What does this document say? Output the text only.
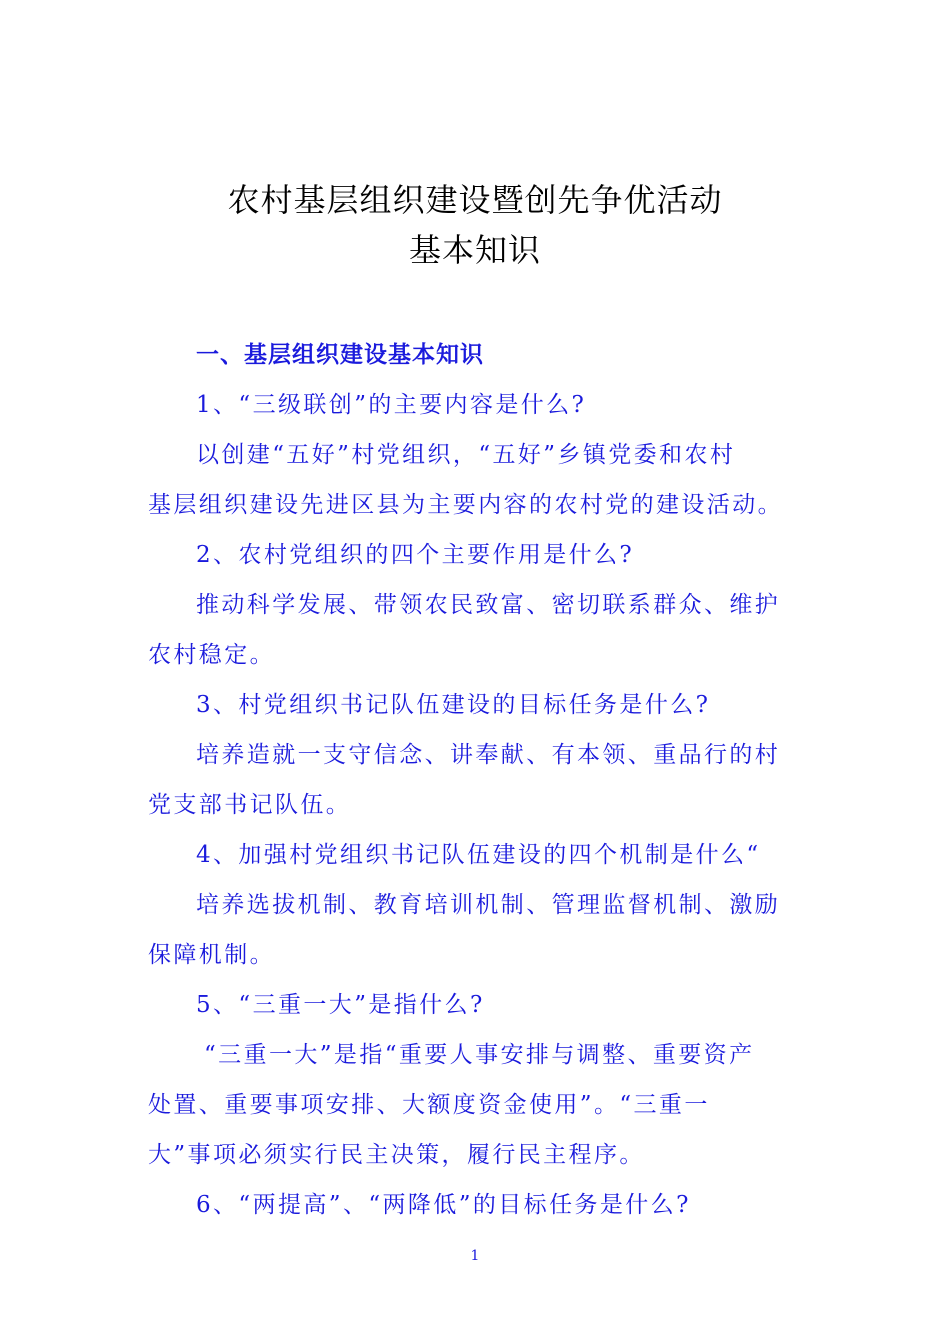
农村基层组织建设暨创先争优活动
基本知识
一、基层组织建设基本知识
1、“三级联创”的主要内容是什么?
以创建“五好”村党组织，“五好”乡镇党委和农村
基层组织建设先进区县为主要内容的农村党的建设活动。
2、农村党组织的四个主要作用是什么?
推动科学发展、带领农民致富、密切联系群众、维护
农村稳定。
3、村党组织书记队伍建设的目标任务是什么?
培养造就一支守信念、讲奉献、有本领、重品行的村
党支部书记队伍。
4、加强村党组织书记队伍建设的四个机制是什么“
培养选拔机制、教育培训机制、管理监督机制、激励
保障机制。
5、“三重一大”是指什么?
“三重一大”是指“重要人事安排与调整、重要资产
处置、重要事项安排、大额度资金使用”。“三重一
大”事项必须实行民主决策，履行民主程序。
6、“两提高”、“两降低”的目标任务是什么?
1
